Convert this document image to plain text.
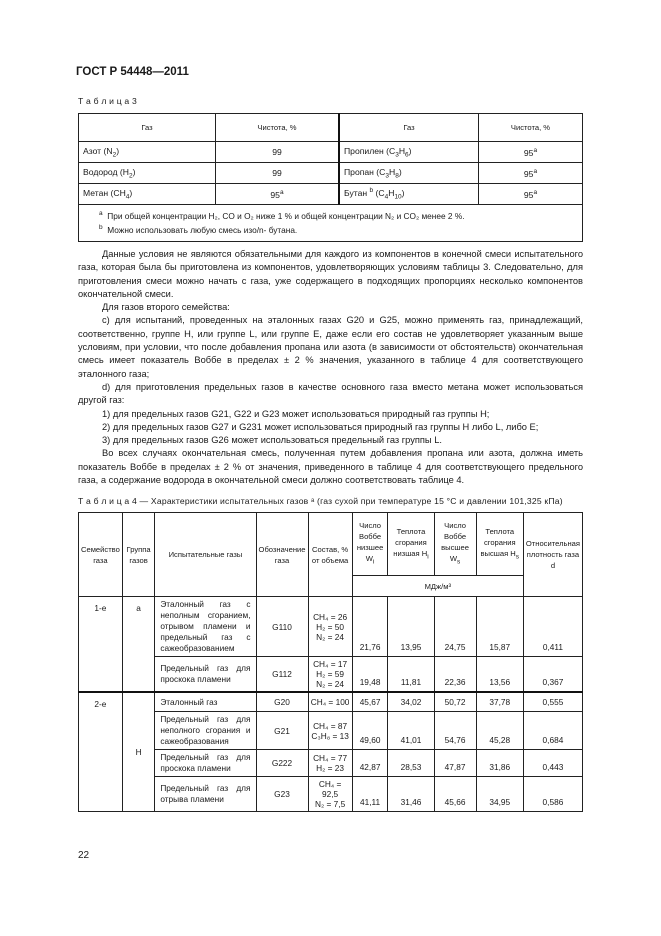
ГОСТ Р 54448—2011
Т а б л и ц а 3
Газ	Чистота, %	Газ	Чистота, %
Азот $(N_2)$	99	Пропилен $(C_3H_6)$	95$^a$
Водород $(H_2)$	99	Пропан $(C_3H_8)$	95$^a$
Метан $(CH_4)$	95$^a$	Бутан $^b$ $(C_4H_{10})$	95$^a$

$^a$ При общей концентрации H₂, CO и O₂ ниже 1 % и общей концентрации N₂ и CO₂ менее 2 %.
$^b$ Можно использовать любую смесь изо/n- бутана.			

Данные условия не являются обязательными для каждого из компонентов в конечной смеси испытательного газа, которая была бы приготовлена из компонентов, удовлетворяющих условиям таблицы 3. Следовательно, для приготовления смеси можно начать с газа, уже содержащего в подходящих пропорциях несколько компонентов окончательной смеси.

Для газов второго семейства:

c) для испытаний, проведенных на эталонных газах G20 и G25, можно применять газ, принадлежащий, соответственно, группе H, или группе L, или группе E, даже если его состав не удовлетворяет указанным выше условиям, при условии, что после добавления пропана или азота (в зависимости от обстоятельств) окончательная смесь имеет показатель Воббе в пределах ± 2 % значения, указанного в таблице 4 для соответствующего эталонного газа;

d) для приготовления предельных газов в качестве основного газа вместо метана может использоваться другой газ:

1) для предельных газов G21, G22 и G23 может использоваться природный газ группы H;

2) для предельных газов G27 и G231 может использоваться природный газ группы H либо L, либо E;

3) для предельных газов G26 может использоваться предельный газ группы L.

Во всех случаях окончательная смесь, полученная путем добавления пропана или азота, должна иметь показатель Воббе в пределах ± 2 % от значения, приведенного в таблице 4 для соответствующего предельного газа, а содержание водорода в окончательной смеси должно соответствовать таблице 4.

Т а б л и ц а 4 — Характеристики испытательных газов ᵃ (газ сухой при температуре 15 °С и давлении 101,325 кПа)
Семейство газа	Группа газов	Испытательные газы	Обозначение газа	Состав, % от объема	Число Воббе низшее $W_i$	Теплота сгорания низшая $H_i$	Число Воббе высшее $W_s$	Теплота сгорания высшая $H_s$	Относительная плотность газа d
					МДж/м³				
1-е	a	Эталонный газ с неполным сгоранием, отрывом пламени и предельный газ с сажеобразованием	G110	CH₄ = 26
H₂ = 50
N₂ = 24	21,76	13,95	24,75	15,87	0,411
		Предельный газ для проскока пламени	G112	CH₄ = 17
H₂ = 59
N₂ = 24	19,48	11,81	22,36	13,56	0,367
2-е	H	Эталонный газ	G20	CH₄ = 100	45,67	34,02	50,72	37,78	0,555
		Предельный газ для неполного сгорания и сажеобразования	G21	CH₄ = 87
C₃H₈ = 13	49,60	41,01	54,76	45,28	0,684
		Предельный газ для проскока пламени	G222	CH₄ = 77
H₂ = 23	42,87	28,53	47,87	31,86	0,443
		Предельный газ для отрыва пламени	G23	CH₄ = 92,5
N₂ = 7,5	41,11	31,46	45,66	34,95	0,586
22
